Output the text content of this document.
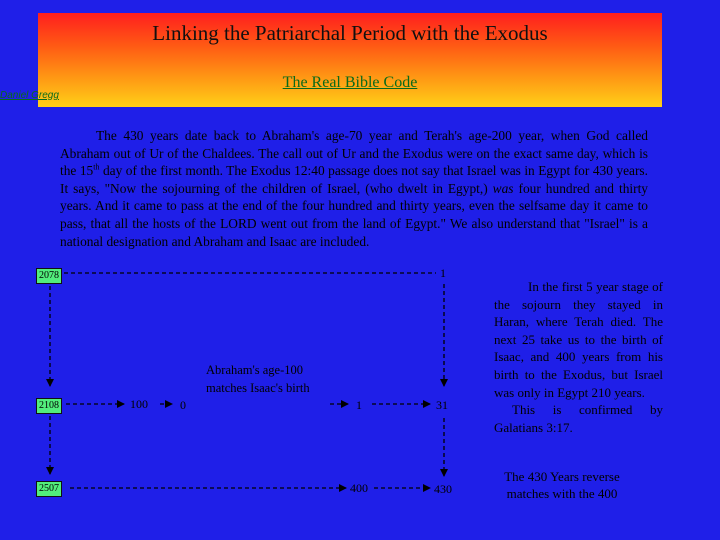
Linking the Patriarchal Period with the Exodus
The Real Bible Code
Daniel Gregg
The 430 years date back to Abraham's age-70 year and Terah's age-200 year, when God called Abraham out of Ur of the Chaldees. The call out of Ur and the Exodus were on the exact same day, which is the 15th day of the first month. The Exodus 12:40 passage does not say that Israel was in Egypt for 430 years. It says, "Now the sojourning of the children of Israel, (who dwelt in Egypt,) was four hundred and thirty years. And it came to pass at the end of the four hundred and thirty years, even the selfsame day it came to pass, that all the hosts of the LORD went out from the land of Egypt." We also understand that "Israel" is a national designation and Abraham and Isaac are included.
2078
2108
2507
1
100	0	1	31
400	430
Abraham's age-100 matches Isaac's birth
In the first 5 year stage of the sojourn they stayed in Haran, where Terah died. The next 25 take us to the birth of Isaac, and 400 years from his birth to the Exodus, but Israel was only in Egypt 210 years.
This is confirmed by Galatians 3:17.
The 430 Years reverse matches with the 400
